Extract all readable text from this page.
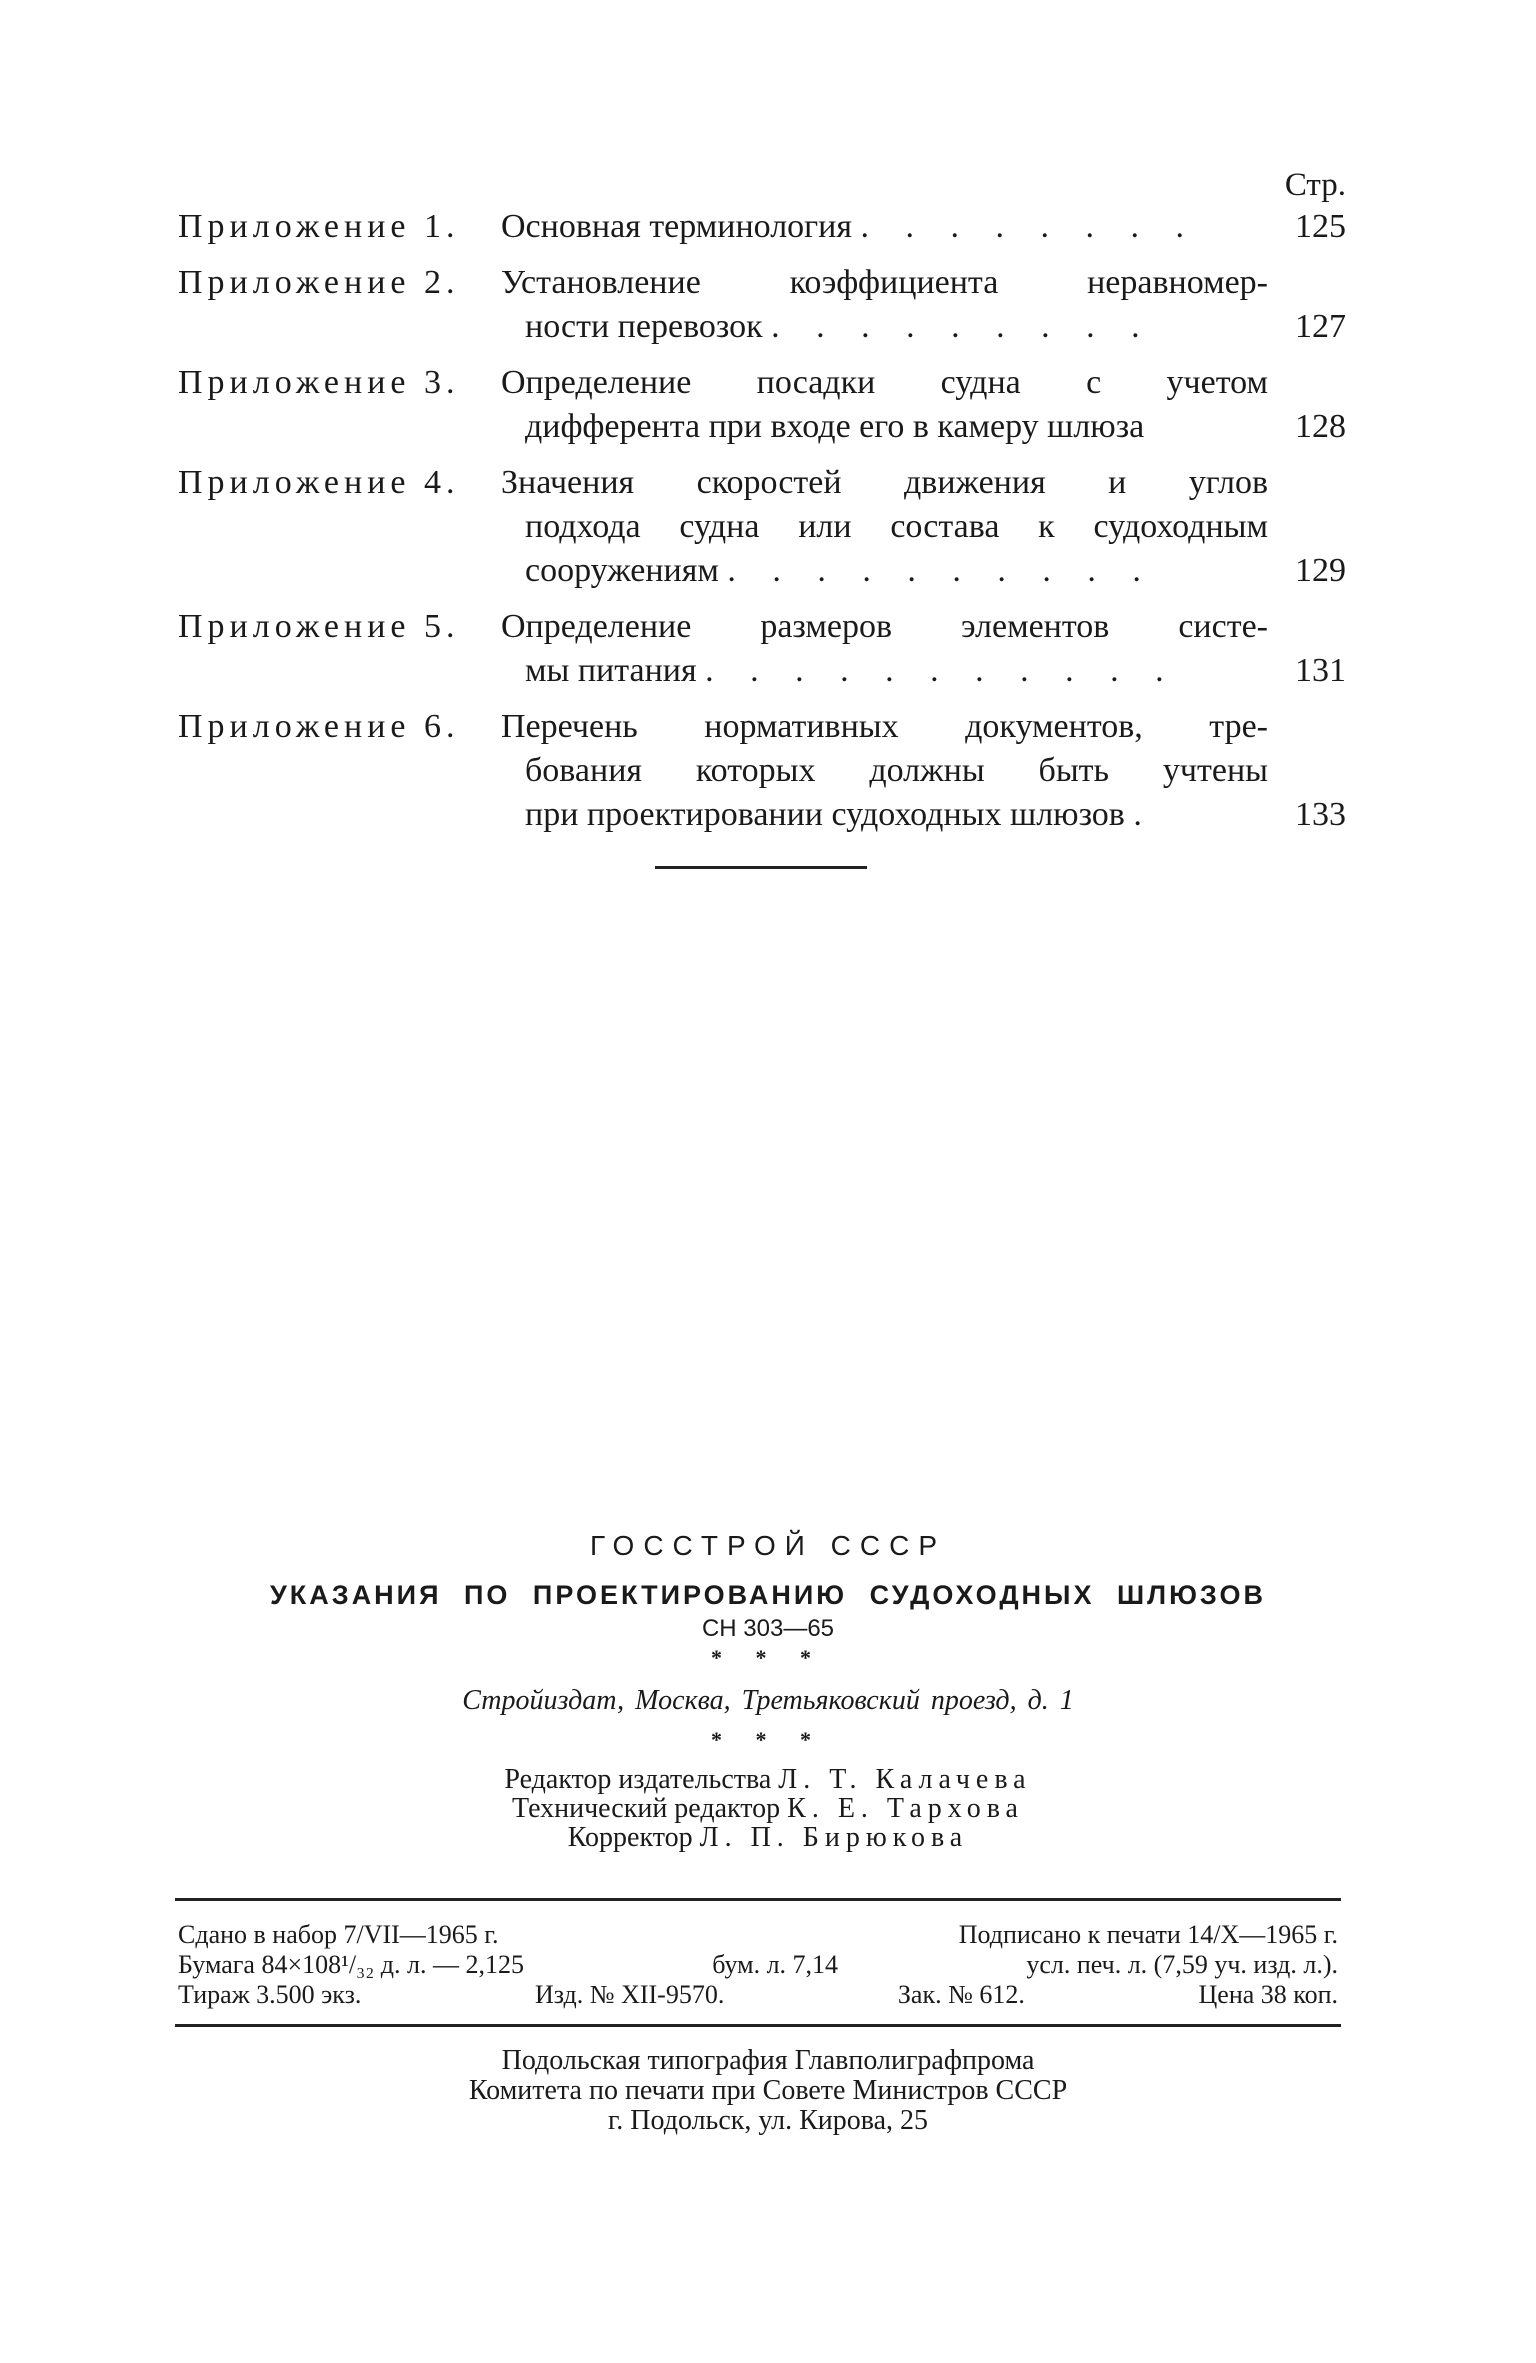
Стр.
Приложение 1. Основная терминология . . . . . . . .	125
Приложение 2. Установление коэффициента неравномер-
ности перевозок . . . . . . . . .	127
Приложение 3. Определение посадки судна с учетом
дифферента при входе его в камеру шлюза	128
Приложение 4. Значения скоростей движения и углов
подхода судна или состава к судоходным
сооружениям . . . . . . . . . .	129
Приложение 5. Определение размеров элементов систе-
мы питания . . . . . . . . . . .	131
Приложение 6. Перечень нормативных документов, тре-
бования которых должны быть учтены
при проектировании судоходных шлюзов .	133
ГОССТРОЙ СССР
УКАЗАНИЯ ПО ПРОЕКТИРОВАНИЮ СУДОХОДНЫХ ШЛЮЗОВ
СН 303—65
* * *
Стройиздат, Москва, Третьяковский проезд, д. 1
* * *
Редактор издательства Л. Т. Калачева
Технический редактор К. Е. Тархова
Корректор Л. П. Бирюкова
Сдано в набор 7/VII—1965 г.	Подписано к печати 14/X—1965 г.
Бумага 84×108¹/₃₂ д. л. — 2,125	бум. л. 7,14	усл. печ. л. (7,59 уч. изд. л.).
Тираж 3.500 экз.	Изд. № XII-9570.	Зак. № 612.	Цена 38 коп.
Подольская типография Главполиграфпрома
Комитета по печати при Совете Министров СССР
г. Подольск, ул. Кирова, 25
